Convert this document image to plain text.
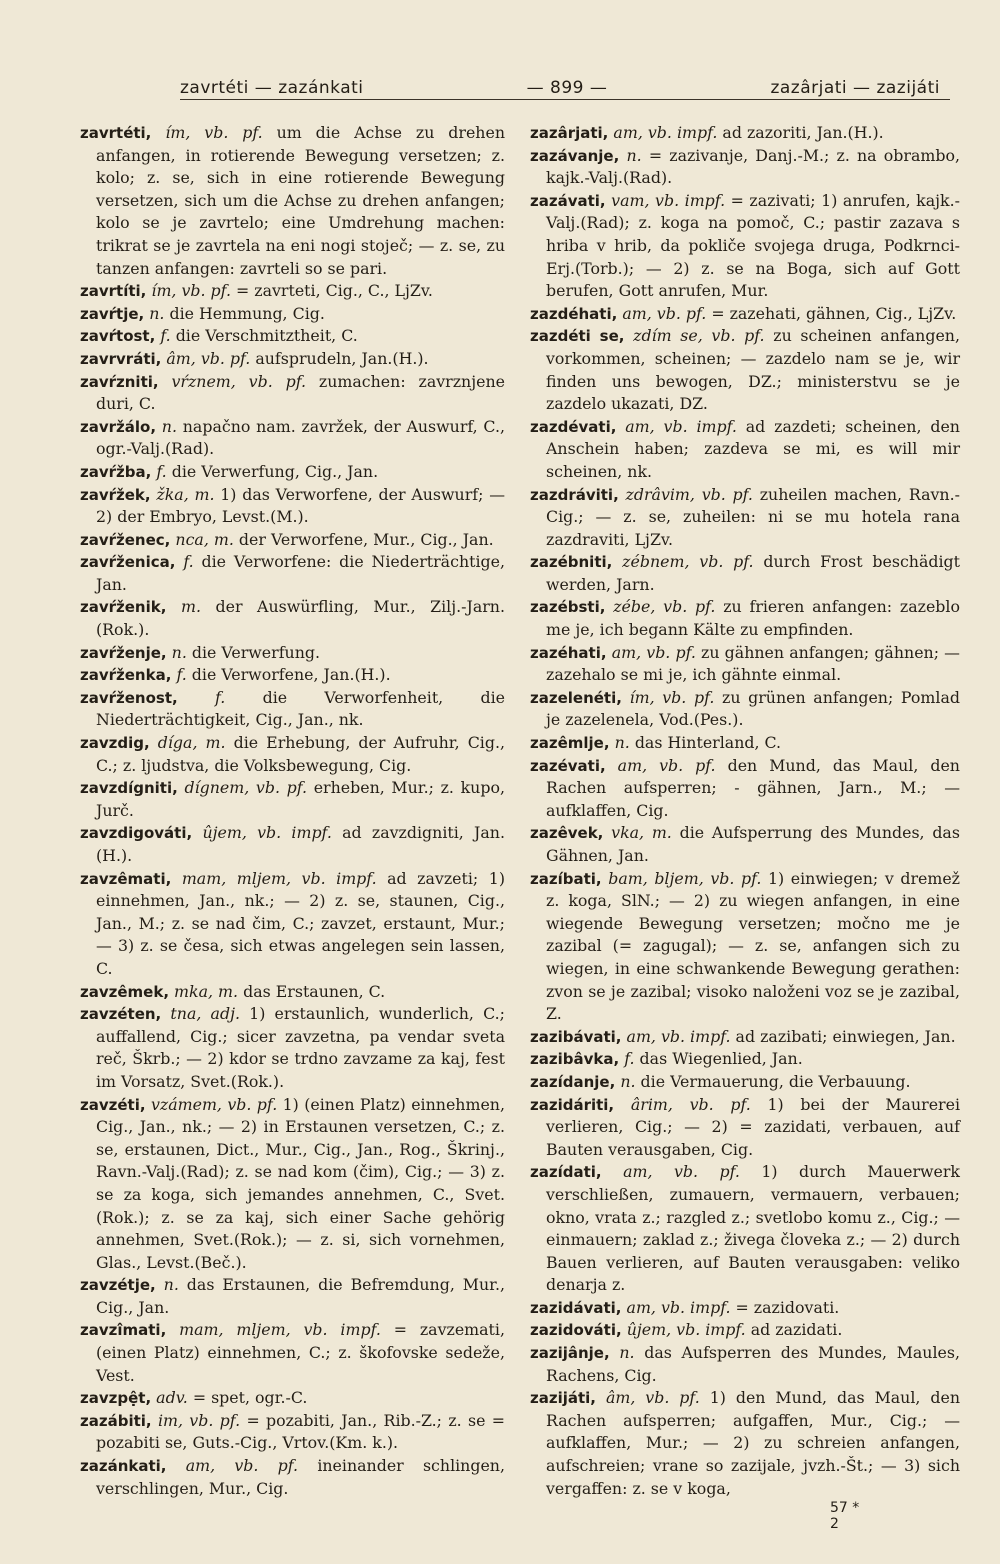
zavrtéti — zazánkati	— 899 —	zazârjati — zazijáti

zavrtéti, ím, vb. pf. um die Achse zu drehen anfangen, in rotierende Bewegung versetzen; z. kolo; z. se, sich in eine rotierende Bewegung versetzen, sich um die Achse zu drehen anfangen; kolo se je zavrtelo; eine Umdrehung machen: trikrat se je zavrtela na eni nogi stoječ; — z. se, zu tanzen anfangen: zavrteli so se pari.

zavrtíti, ím, vb. pf. = zavrteti, Cig., C., LjZv.

zavŕtje, n. die Hemmung, Cig.

zavŕtost, f. die Verschmitztheit, C.

zavrvráti, âm, vb. pf. aufsprudeln, Jan.(H.).

zavŕzniti, vŕznem, vb. pf. zumachen: zavrznjene duri, C.

zavržálo, n. napačno nam. zavržek, der Auswurf, C., ogr.-Valj.(Rad).

zavŕžba, f. die Verwerfung, Cig., Jan.

zavŕžek, žka, m. 1) das Verworfene, der Auswurf; — 2) der Embryo, Levst.(M.).

zavŕženec, nca, m. der Verworfene, Mur., Cig., Jan.

zavŕženica, f. die Verworfene: die Niederträchtige, Jan.

zavŕženik, m. der Auswürfling, Mur., Zilj.-Jarn.(Rok.).

zavŕženje, n. die Verwerfung.

zavŕženka, f. die Verworfene, Jan.(H.).

zavŕženost, f. die Verworfenheit, die Niederträchtigkeit, Cig., Jan., nk.

zavzdig, díga, m. die Erhebung, der Aufruhr, Cig., C.; z. ljudstva, die Volksbewegung, Cig.

zavzdígniti, dígnem, vb. pf. erheben, Mur.; z. kupo, Jurč.

zavzdigováti, ûjem, vb. impf. ad zavzdigniti, Jan.(H.).

zavzêmati, mam, mljem, vb. impf. ad zavzeti; 1) einnehmen, Jan., nk.; — 2) z. se, staunen, Cig., Jan., M.; z. se nad čim, C.; zavzet, erstaunt, Mur.; — 3) z. se česa, sich etwas angelegen sein lassen, C.

zavzêmek, mka, m. das Erstaunen, C.

zavzéten, tna, adj. 1) erstaunlich, wunderlich, C.; auffallend, Cig.; sicer zavzetna, pa vendar sveta reč, Škrb.; — 2) kdor se trdno zavzame za kaj, fest im Vorsatz, Svet.(Rok.).

zavzéti, vzámem, vb. pf. 1) (einen Platz) einnehmen, Cig., Jan., nk.; — 2) in Erstaunen versetzen, C.; z. se, erstaunen, Dict., Mur., Cig., Jan., Rog., Škrinj., Ravn.-Valj.(Rad); z. se nad kom (čim), Cig.; — 3) z. se za koga, sich jemandes annehmen, C., Svet.(Rok.); z. se za kaj, sich einer Sache gehörig annehmen, Svet.(Rok.); — z. si, sich vornehmen, Glas., Levst.(Beč.).

zavzétje, n. das Erstaunen, die Befremdung, Mur., Cig., Jan.

zavzîmati, mam, mljem, vb. impf. = zavzemati, (einen Platz) einnehmen, C.; z. škofovske sedeže, Vest.

zavzpệt, adv. = spet, ogr.-C.

zazábiti, im, vb. pf. = pozabiti, Jan., Rib.-Z.; z. se = pozabiti se, Guts.-Cig., Vrtov.(Km. k.).

zazánkati, am, vb. pf. ineinander schlingen, verschlingen, Mur., Cig.

zazârjati, am, vb. impf. ad zazoriti, Jan.(H.).

zazávanje, n. = zazivanje, Danj.-M.; z. na obrambo, kajk.-Valj.(Rad).

zazávati, vam, vb. impf. = zazivati; 1) anrufen, kajk.-Valj.(Rad); z. koga na pomoč, C.; pastir zazava s hriba v hrib, da pokliče svojega druga, Podkrnci-Erj.(Torb.); — 2) z. se na Boga, sich auf Gott berufen, Gott anrufen, Mur.

zazdéhati, am, vb. pf. = zazehati, gähnen, Cig., LjZv.

zazdéti se, zdím se, vb. pf. zu scheinen anfangen, vorkommen, scheinen; — zazdelo nam se je, wir finden uns bewogen, DZ.; ministerstvu se je zazdelo ukazati, DZ.

zazdévati, am, vb. impf. ad zazdeti; scheinen, den Anschein haben; zazdeva se mi, es will mir scheinen, nk.

zazdráviti, zdrâvim, vb. pf. zuheilen machen, Ravn.-Cig.; — z. se, zuheilen: ni se mu hotela rana zazdraviti, LjZv.

zazébniti, zébnem, vb. pf. durch Frost beschädigt werden, Jarn.

zazébsti, zébe, vb. pf. zu frieren anfangen: zazeblo me je, ich begann Kälte zu empfinden.

zazéhati, am, vb. pf. zu gähnen anfangen; gähnen; — zazehalo se mi je, ich gähnte einmal.

zazelenéti, ím, vb. pf. zu grünen anfangen; Pomlad je zazelenela, Vod.(Pes.).

zazêmlje, n. das Hinterland, C.

zazévati, am, vb. pf. den Mund, das Maul, den Rachen aufsperren; - gähnen, Jarn., M.; — aufklaffen, Cig.

zazêvek, vka, m. die Aufsperrung des Mundes, das Gähnen, Jan.

zazíbati, bam, bljem, vb. pf. 1) einwiegen; v dremež z. koga, SlN.; — 2) zu wiegen anfangen, in eine wiegende Bewegung versetzen; močno me je zazibal (= zagugal); — z. se, anfangen sich zu wiegen, in eine schwankende Bewegung gerathen: zvon se je zazibal; visoko naloženi voz se je zazibal, Z.

zazibávati, am, vb. impf. ad zazibati; einwiegen, Jan.

zazibâvka, f. das Wiegenlied, Jan.

zazídanje, n. die Vermauerung, die Verbauung.

zazidáriti, ârim, vb. pf. 1) bei der Maurerei verlieren, Cig.; — 2) = zazidati, verbauen, auf Bauten verausgaben, Cig.

zazídati, am, vb. pf. 1) durch Mauerwerk verschließen, zumauern, vermauern, verbauen; okno, vrata z.; razgled z.; svetlobo komu z., Cig.; — einmauern; zaklad z.; živega človeka z.; — 2) durch Bauen verlieren, auf Bauten verausgaben: veliko denarja z.

zazidávati, am, vb. impf. = zazidovati.

zazidováti, ûjem, vb. impf. ad zazidati.

zazijânje, n. das Aufsperren des Mundes, Maules, Rachens, Cig.

zazijáti, âm, vb. pf. 1) den Mund, das Maul, den Rachen aufsperren; aufgaffen, Mur., Cig.; — aufklaffen, Mur.; — 2) zu schreien anfangen, aufschreien; vrane so zazijale, jvzh.-Št.; — 3) sich vergaffen: z. se v koga,

57 *
2
